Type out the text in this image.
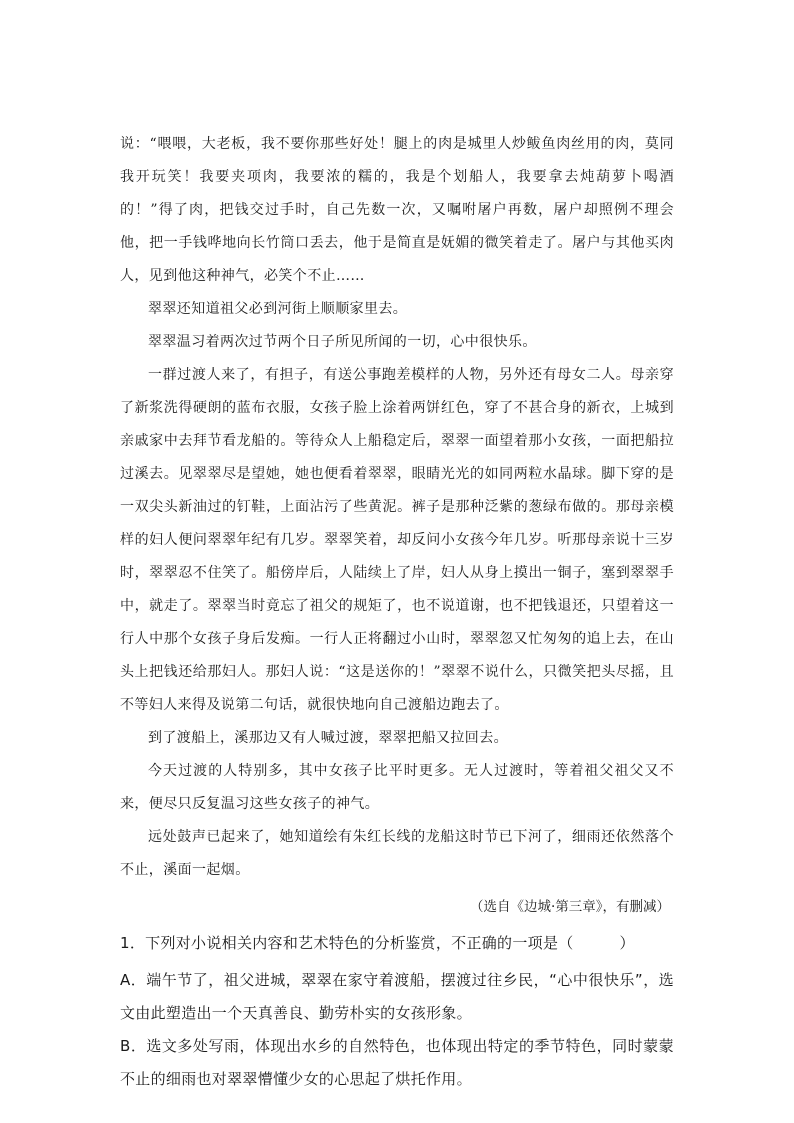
说：“喂喂，大老板，我不要你那些好处！腿上的肉是城里人炒鲅鱼肉丝用的肉，莫同我开玩笑！我要夹项肉，我要浓的糯的，我是个划船人，我要拿去炖葫萝卜喝酒的！”得了肉，把钱交过手时，自己先数一次，又嘱咐屠户再数，屠户却照例不理会他，把一手钱哗地向长竹筒口丢去，他于是简直是妩媚的微笑着走了。屠户与其他买肉人，见到他这种神气，必笑个不止……

翠翠还知道祖父必到河街上顺顺家里去。

翠翠温习着两次过节两个日子所见所闻的一切，心中很快乐。

一群过渡人来了，有担子，有送公事跑差模样的人物，另外还有母女二人。母亲穿了新浆洗得硬朗的蓝布衣服，女孩子脸上涂着两饼红色，穿了不甚合身的新衣，上城到亲戚家中去拜节看龙船的。等待众人上船稳定后，翠翠一面望着那小女孩，一面把船拉过溪去。见翠翠尽是望她，她也便看着翠翠，眼睛光光的如同两粒水晶球。脚下穿的是一双尖头新油过的钉鞋，上面沾污了些黄泥。裤子是那种泛紫的葱绿布做的。那母亲模样的妇人便问翠翠年纪有几岁。翠翠笑着，却反问小女孩今年几岁。听那母亲说十三岁时，翠翠忍不住笑了。船傍岸后，人陆续上了岸，妇人从身上摸出一铜子，塞到翠翠手中，就走了。翠翠当时竟忘了祖父的规矩了，也不说道谢，也不把钱退还，只望着这一行人中那个女孩子身后发痴。一行人正将翻过小山时，翠翠忽又忙匆匆的追上去，在山头上把钱还给那妇人。那妇人说：“这是送你的！”翠翠不说什么，只微笑把头尽摇，且不等妇人来得及说第二句话，就很快地向自己渡船边跑去了。

到了渡船上，溪那边又有人喊过渡，翠翠把船又拉回去。

今天过渡的人特别多，其中女孩子比平时更多。无人过渡时，等着祖父祖父又不来，便尽只反复温习这些女孩子的神气。

远处鼓声已起来了，她知道绘有朱红长线的龙船这时节已下河了，细雨还依然落个不止，溪面一起烟。

（选自《边城·第三章》，有删减）

1．下列对小说相关内容和艺术特色的分析鉴赏，不正确的一项是（　　　）

A．端午节了，祖父进城，翠翠在家守着渡船，摆渡过往乡民，“心中很快乐”，选文由此塑造出一个天真善良、勤劳朴实的女孩形象。

B．选文多处写雨，体现出水乡的自然特色，也体现出特定的季节特色，同时蒙蒙不止的细雨也对翠翠懵懂少女的心思起了烘托作用。
